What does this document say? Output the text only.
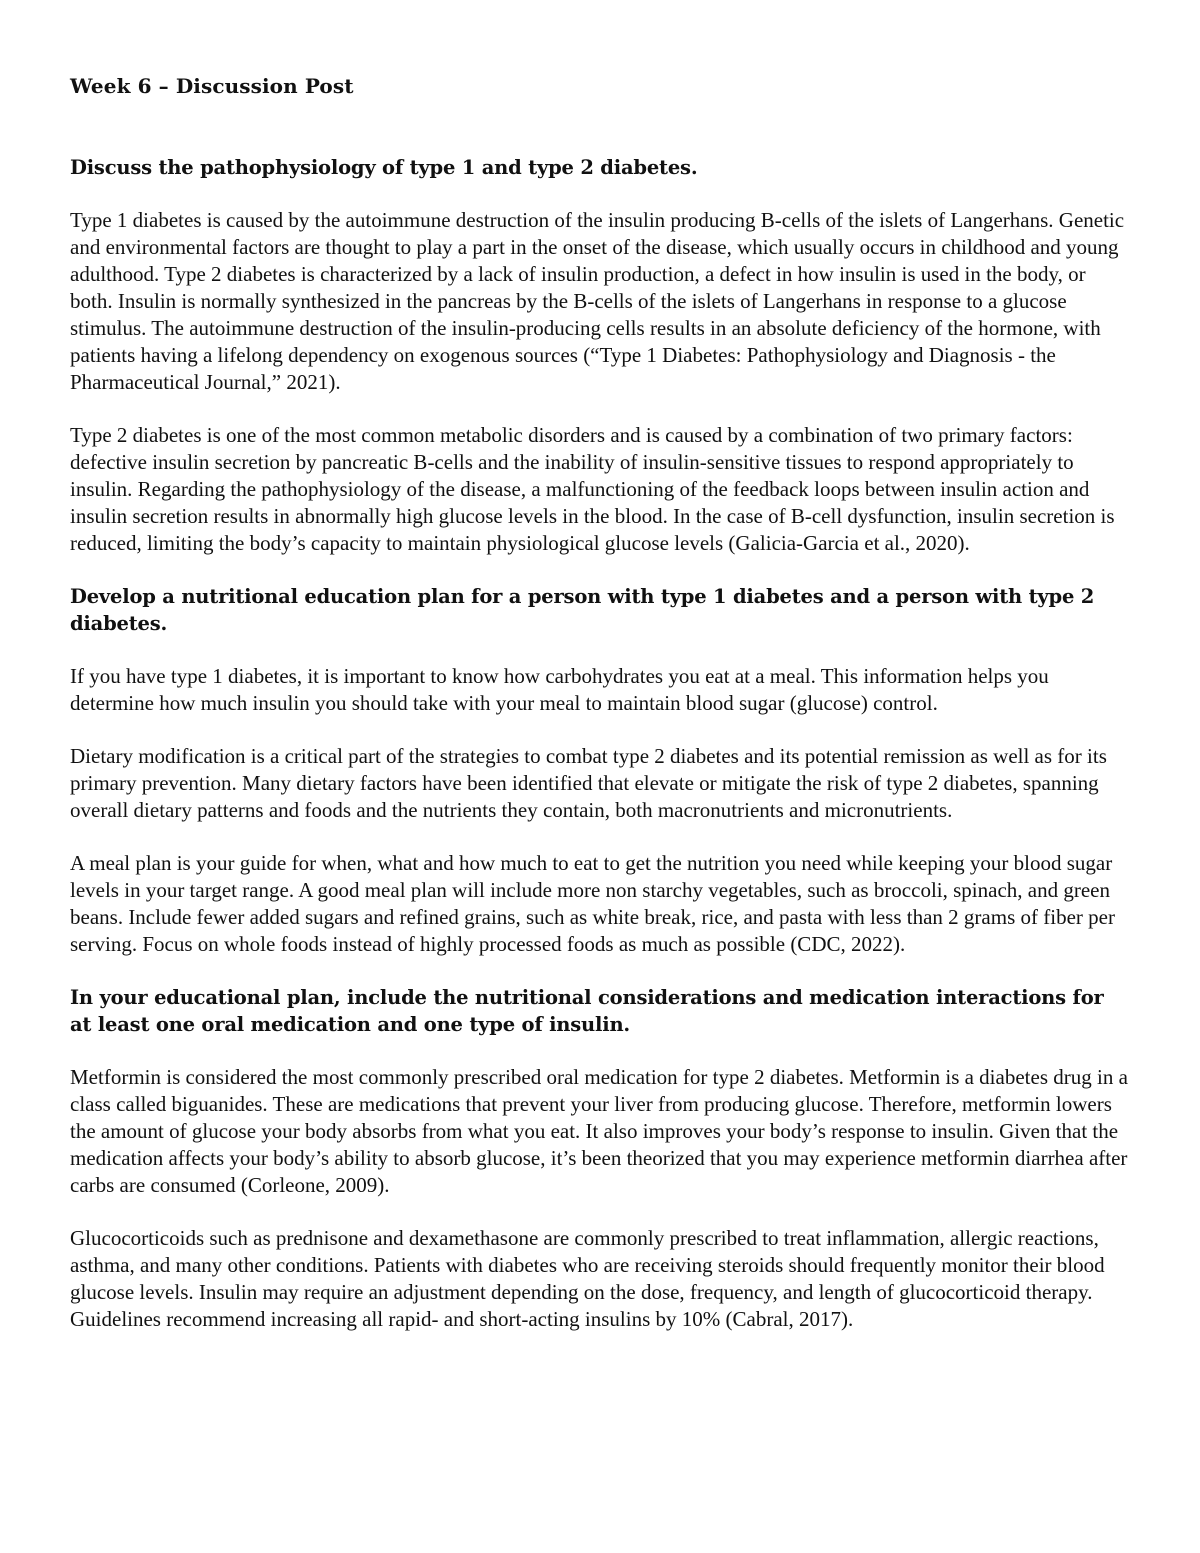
Week 6 – Discussion Post
Discuss the pathophysiology of type 1 and type 2 diabetes.

Type 1 diabetes is caused by the autoimmune destruction of the insulin producing B-cells of the islets of Langerhans. Genetic and environmental factors are thought to play a part in the onset of the disease, which usually occurs in childhood and young adulthood. Type 2 diabetes is characterized by a lack of insulin production, a defect in how insulin is used in the body, or both. Insulin is normally synthesized in the pancreas by the B-cells of the islets of Langerhans in response to a glucose stimulus. The autoimmune destruction of the insulin-producing cells results in an absolute deficiency of the hormone, with patients having a lifelong dependency on exogenous sources (“Type 1 Diabetes: Pathophysiology and Diagnosis - the Pharmaceutical Journal,” 2021).

Type 2 diabetes is one of the most common metabolic disorders and is caused by a combination of two primary factors: defective insulin secretion by pancreatic B-cells and the inability of insulin-sensitive tissues to respond appropriately to insulin. Regarding the pathophysiology of the disease, a malfunctioning of the feedback loops between insulin action and insulin secretion results in abnormally high glucose levels in the blood. In the case of B-cell dysfunction, insulin secretion is reduced, limiting the body’s capacity to maintain physiological glucose levels (Galicia-Garcia et al., 2020).

Develop a nutritional education plan for a person with type 1 diabetes and a person with type 2 diabetes.

If you have type 1 diabetes, it is important to know how carbohydrates you eat at a meal. This information helps you determine how much insulin you should take with your meal to maintain blood sugar (glucose) control.

Dietary modification is a critical part of the strategies to combat type 2 diabetes and its potential remission as well as for its primary prevention. Many dietary factors have been identified that elevate or mitigate the risk of type 2 diabetes, spanning overall dietary patterns and foods and the nutrients they contain, both macronutrients and micronutrients.

A meal plan is your guide for when, what and how much to eat to get the nutrition you need while keeping your blood sugar levels in your target range. A good meal plan will include more non starchy vegetables, such as broccoli, spinach, and green beans. Include fewer added sugars and refined grains, such as white break, rice, and pasta with less than 2 grams of fiber per serving. Focus on whole foods instead of highly processed foods as much as possible (CDC, 2022).

In your educational plan, include the nutritional considerations and medication interactions for at least one oral medication and one type of insulin.

Metformin is considered the most commonly prescribed oral medication for type 2 diabetes. Metformin is a diabetes drug in a class called biguanides. These are medications that prevent your liver from producing glucose. Therefore, metformin lowers the amount of glucose your body absorbs from what you eat. It also improves your body’s response to insulin. Given that the medication affects your body’s ability to absorb glucose, it’s been theorized that you may experience metformin diarrhea after carbs are consumed (Corleone, 2009).

Glucocorticoids such as prednisone and dexamethasone are commonly prescribed to treat inflammation, allergic reactions, asthma, and many other conditions. Patients with diabetes who are receiving steroids should frequently monitor their blood glucose levels. Insulin may require an adjustment depending on the dose, frequency, and length of glucocorticoid therapy. Guidelines recommend increasing all rapid- and short-acting insulins by 10% (Cabral, 2017).
